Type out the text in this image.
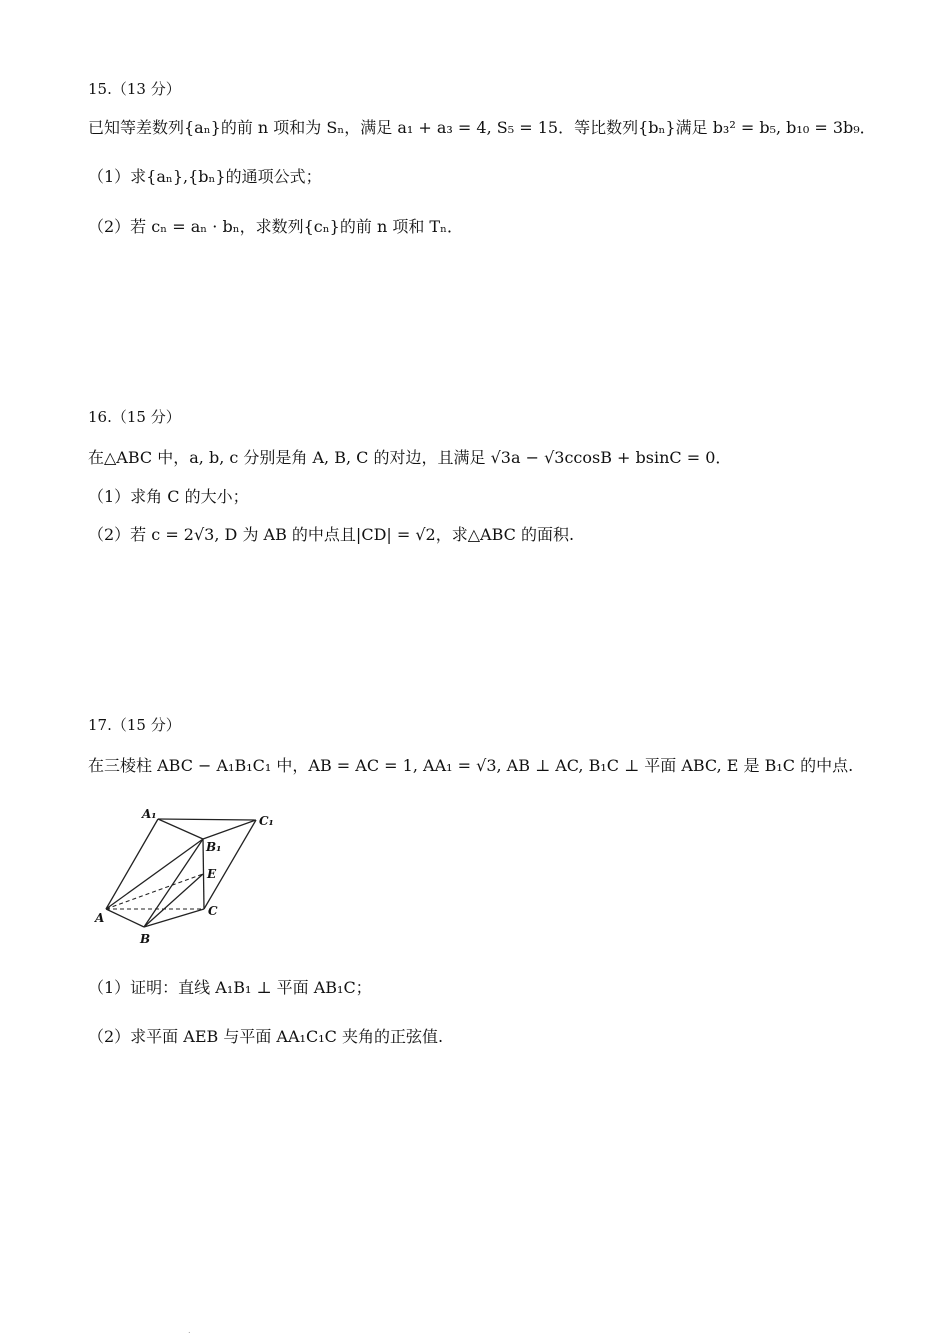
15.（13 分）
已知等差数列{aₙ}的前 n 项和为 Sₙ，满足 a₁ + a₃ = 4, S₅ = 15．等比数列{bₙ}满足 b₃² = b₅, b₁₀ = 3b₉．
（1）求{aₙ},{bₙ}的通项公式；
（2）若 cₙ = aₙ · bₙ，求数列{cₙ}的前 n 项和 Tₙ．
16.（15 分）
在△ABC 中，a, b, c 分别是角 A, B, C 的对边，且满足 √3a − √3ccosB + bsinC = 0．
（1）求角 C 的大小；
（2）若 c = 2√3, D 为 AB 的中点且|CD| = √2，求△ABC 的面积.
17.（15 分）
在三棱柱 ABC − A₁B₁C₁ 中，AB = AC = 1, AA₁ = √3, AB ⊥ AC, B₁C ⊥ 平面 ABC, E 是 B₁C 的中点.
A₁	C₁
B₁
E
A	C
B
（1）证明：直线 A₁B₁ ⊥ 平面 AB₁C；
（2）求平面 AEB 与平面 AA₁C₁C 夹角的正弦值.
.
